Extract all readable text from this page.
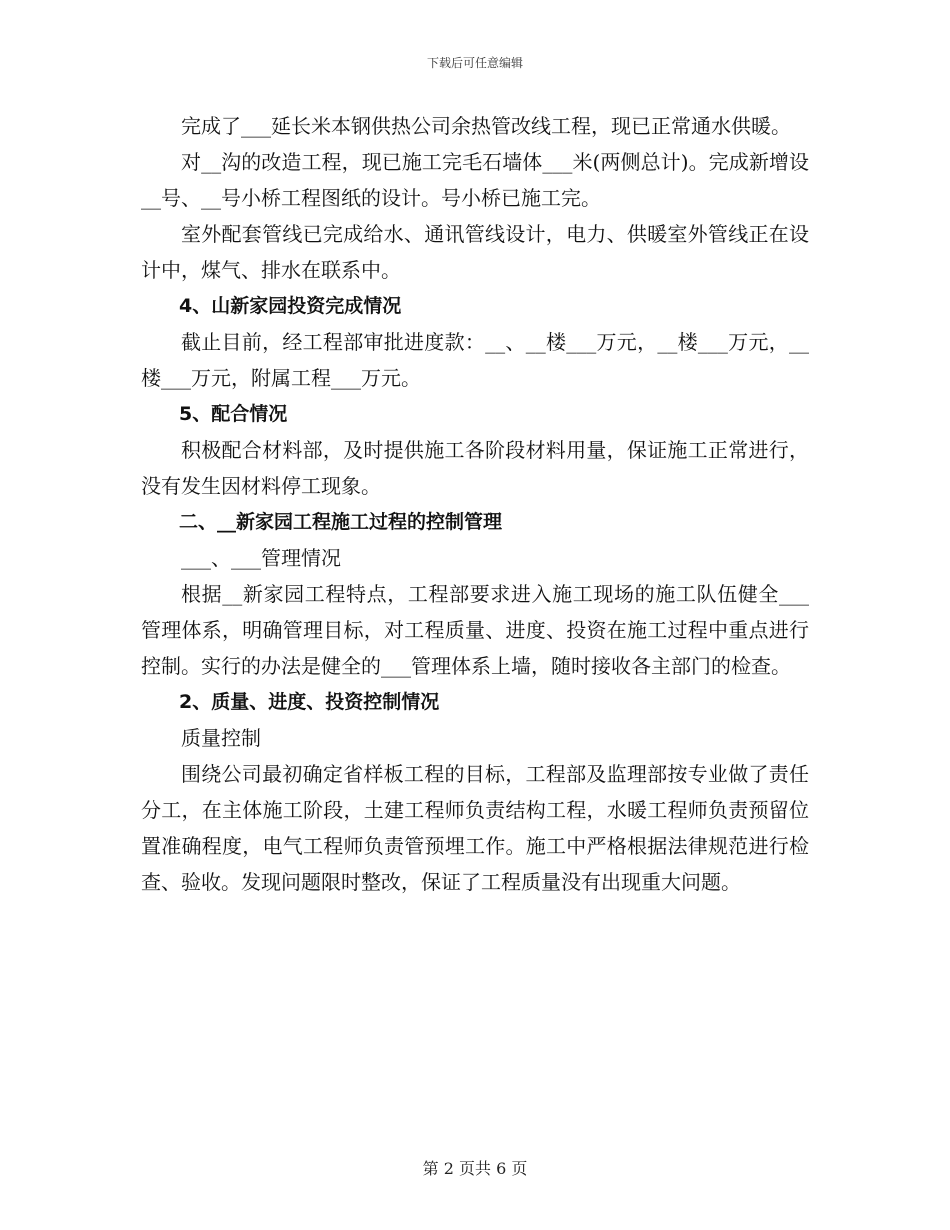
下载后可任意编辑

完成了___延长米本钢供热公司余热管改线工程，现已正常通水供暖。

对__沟的改造工程，现已施工完毛石墙体___米(两侧总计)。完成新增设__号、__号小桥工程图纸的设计。号小桥已施工完。

室外配套管线已完成给水、通讯管线设计，电力、供暖室外管线正在设计中，煤气、排水在联系中。

4、山新家园投资完成情况

截止目前，经工程部审批进度款：__、__楼___万元，__楼___万元，__楼___万元，附属工程___万元。

5、配合情况

积极配合材料部，及时提供施工各阶段材料用量，保证施工正常进行，没有发生因材料停工现象。

二、__新家园工程施工过程的控制管理

___、___管理情况

根据__新家园工程特点，工程部要求进入施工现场的施工队伍健全___管理体系，明确管理目标，对工程质量、进度、投资在施工过程中重点进行控制。实行的办法是健全的___管理体系上墙，随时接收各主部门的检查。

2、质量、进度、投资控制情况

质量控制

围绕公司最初确定省样板工程的目标，工程部及监理部按专业做了责任分工，在主体施工阶段，土建工程师负责结构工程，水暖工程师负责预留位置准确程度，电气工程师负责管预埋工作。施工中严格根据法律规范进行检查、验收。发现问题限时整改，保证了工程质量没有出现重大问题。

第 2 页共 6 页
